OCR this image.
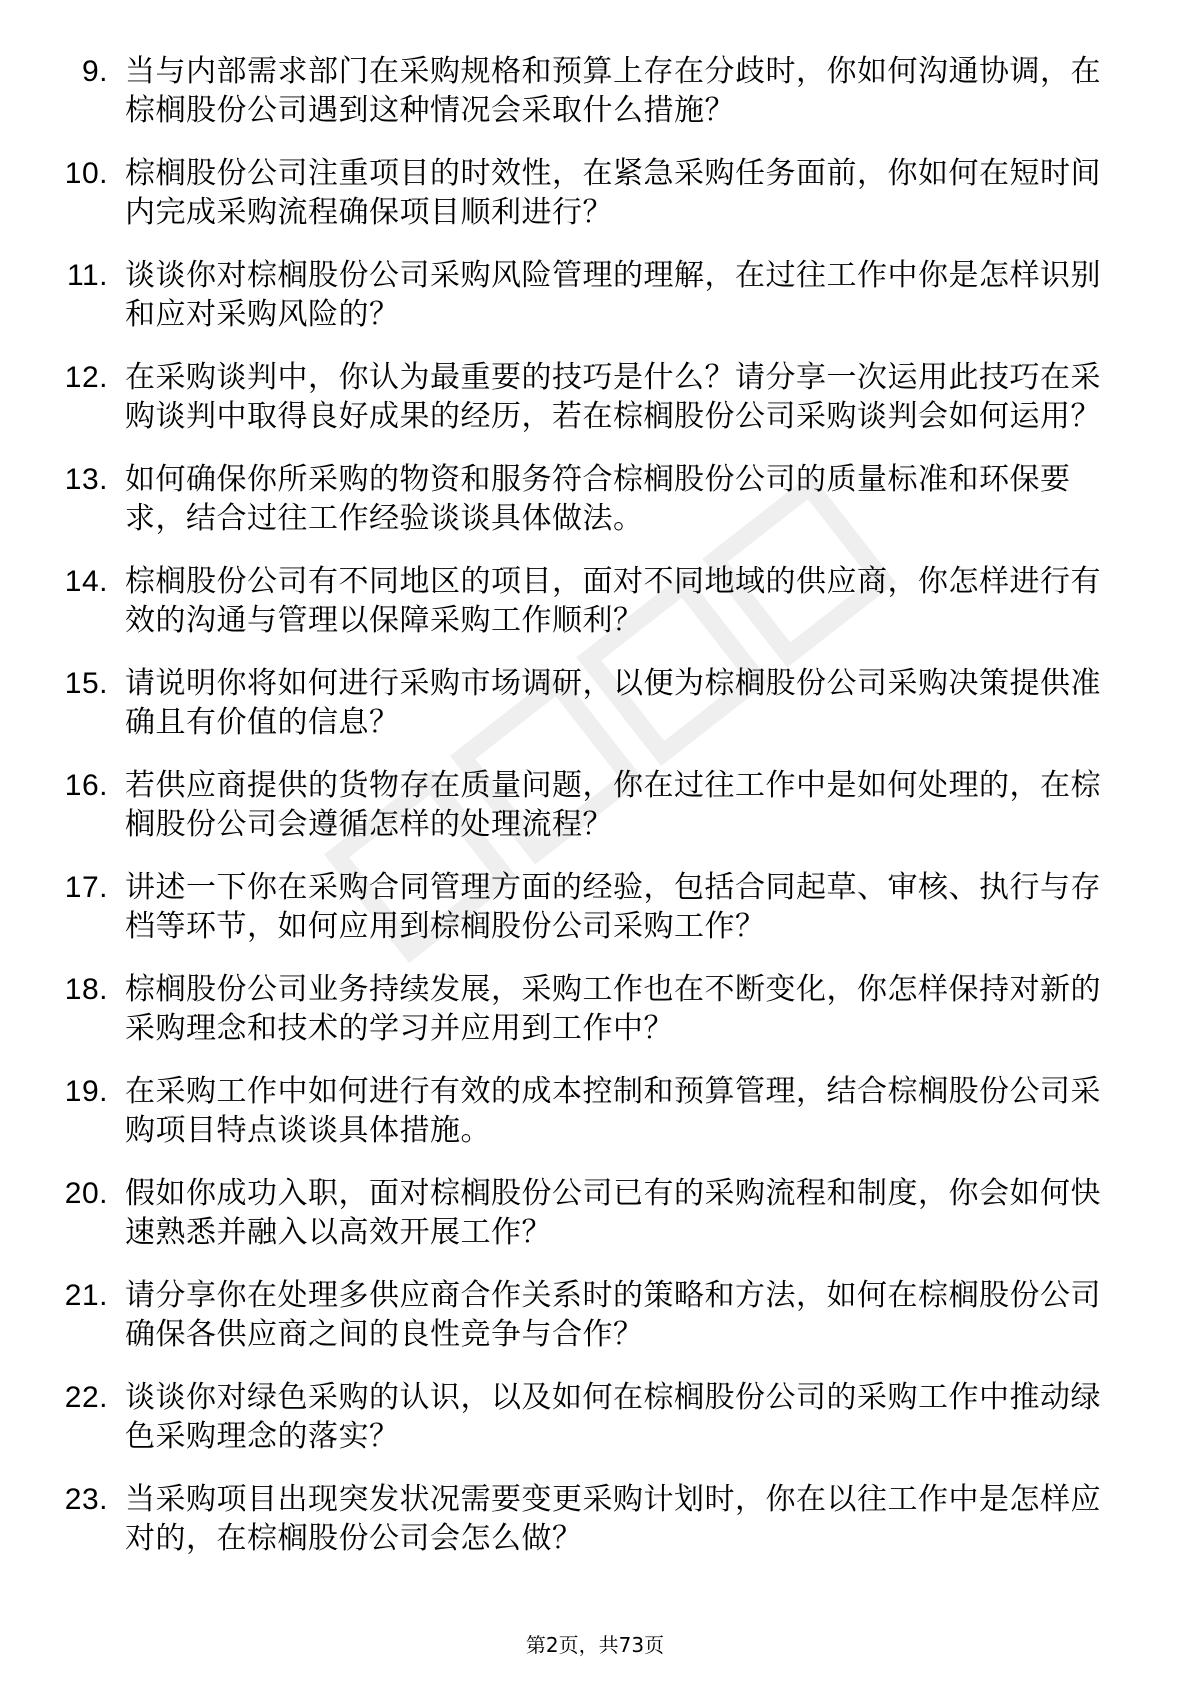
9. 当与内部需求部门在采购规格和预算上存在分歧时，你如何沟通协调，在棕榈股份公司遇到这种情况会采取什么措施？
10. 棕榈股份公司注重项目的时效性，在紧急采购任务面前，你如何在短时间内完成采购流程确保项目顺利进行？
11. 谈谈你对棕榈股份公司采购风险管理的理解，在过往工作中你是怎样识别和应对采购风险的？
12. 在采购谈判中，你认为最重要的技巧是什么？请分享一次运用此技巧在采购谈判中取得良好成果的经历，若在棕榈股份公司采购谈判会如何运用？
13. 如何确保你所采购的物资和服务符合棕榈股份公司的质量标准和环保要求，结合过往工作经验谈谈具体做法。
14. 棕榈股份公司有不同地区的项目，面对不同地域的供应商，你怎样进行有效的沟通与管理以保障采购工作顺利？
15. 请说明你将如何进行采购市场调研，以便为棕榈股份公司采购决策提供准确且有价值的信息？
16. 若供应商提供的货物存在质量问题，你在过往工作中是如何处理的，在棕榈股份公司会遵循怎样的处理流程？
17. 讲述一下你在采购合同管理方面的经验，包括合同起草、审核、执行与存档等环节，如何应用到棕榈股份公司采购工作？
18. 棕榈股份公司业务持续发展，采购工作也在不断变化，你怎样保持对新的采购理念和技术的学习并应用到工作中？
19. 在采购工作中如何进行有效的成本控制和预算管理，结合棕榈股份公司采购项目特点谈谈具体措施。
20. 假如你成功入职，面对棕榈股份公司已有的采购流程和制度，你会如何快速熟悉并融入以高效开展工作？
21. 请分享你在处理多供应商合作关系时的策略和方法，如何在棕榈股份公司确保各供应商之间的良性竞争与合作？
22. 谈谈你对绿色采购的认识，以及如何在棕榈股份公司的采购工作中推动绿色采购理念的落实？
23. 当采购项目出现突发状况需要变更采购计划时，你在以往工作中是怎样应对的，在棕榈股份公司会怎么做？
第2页，共73页
